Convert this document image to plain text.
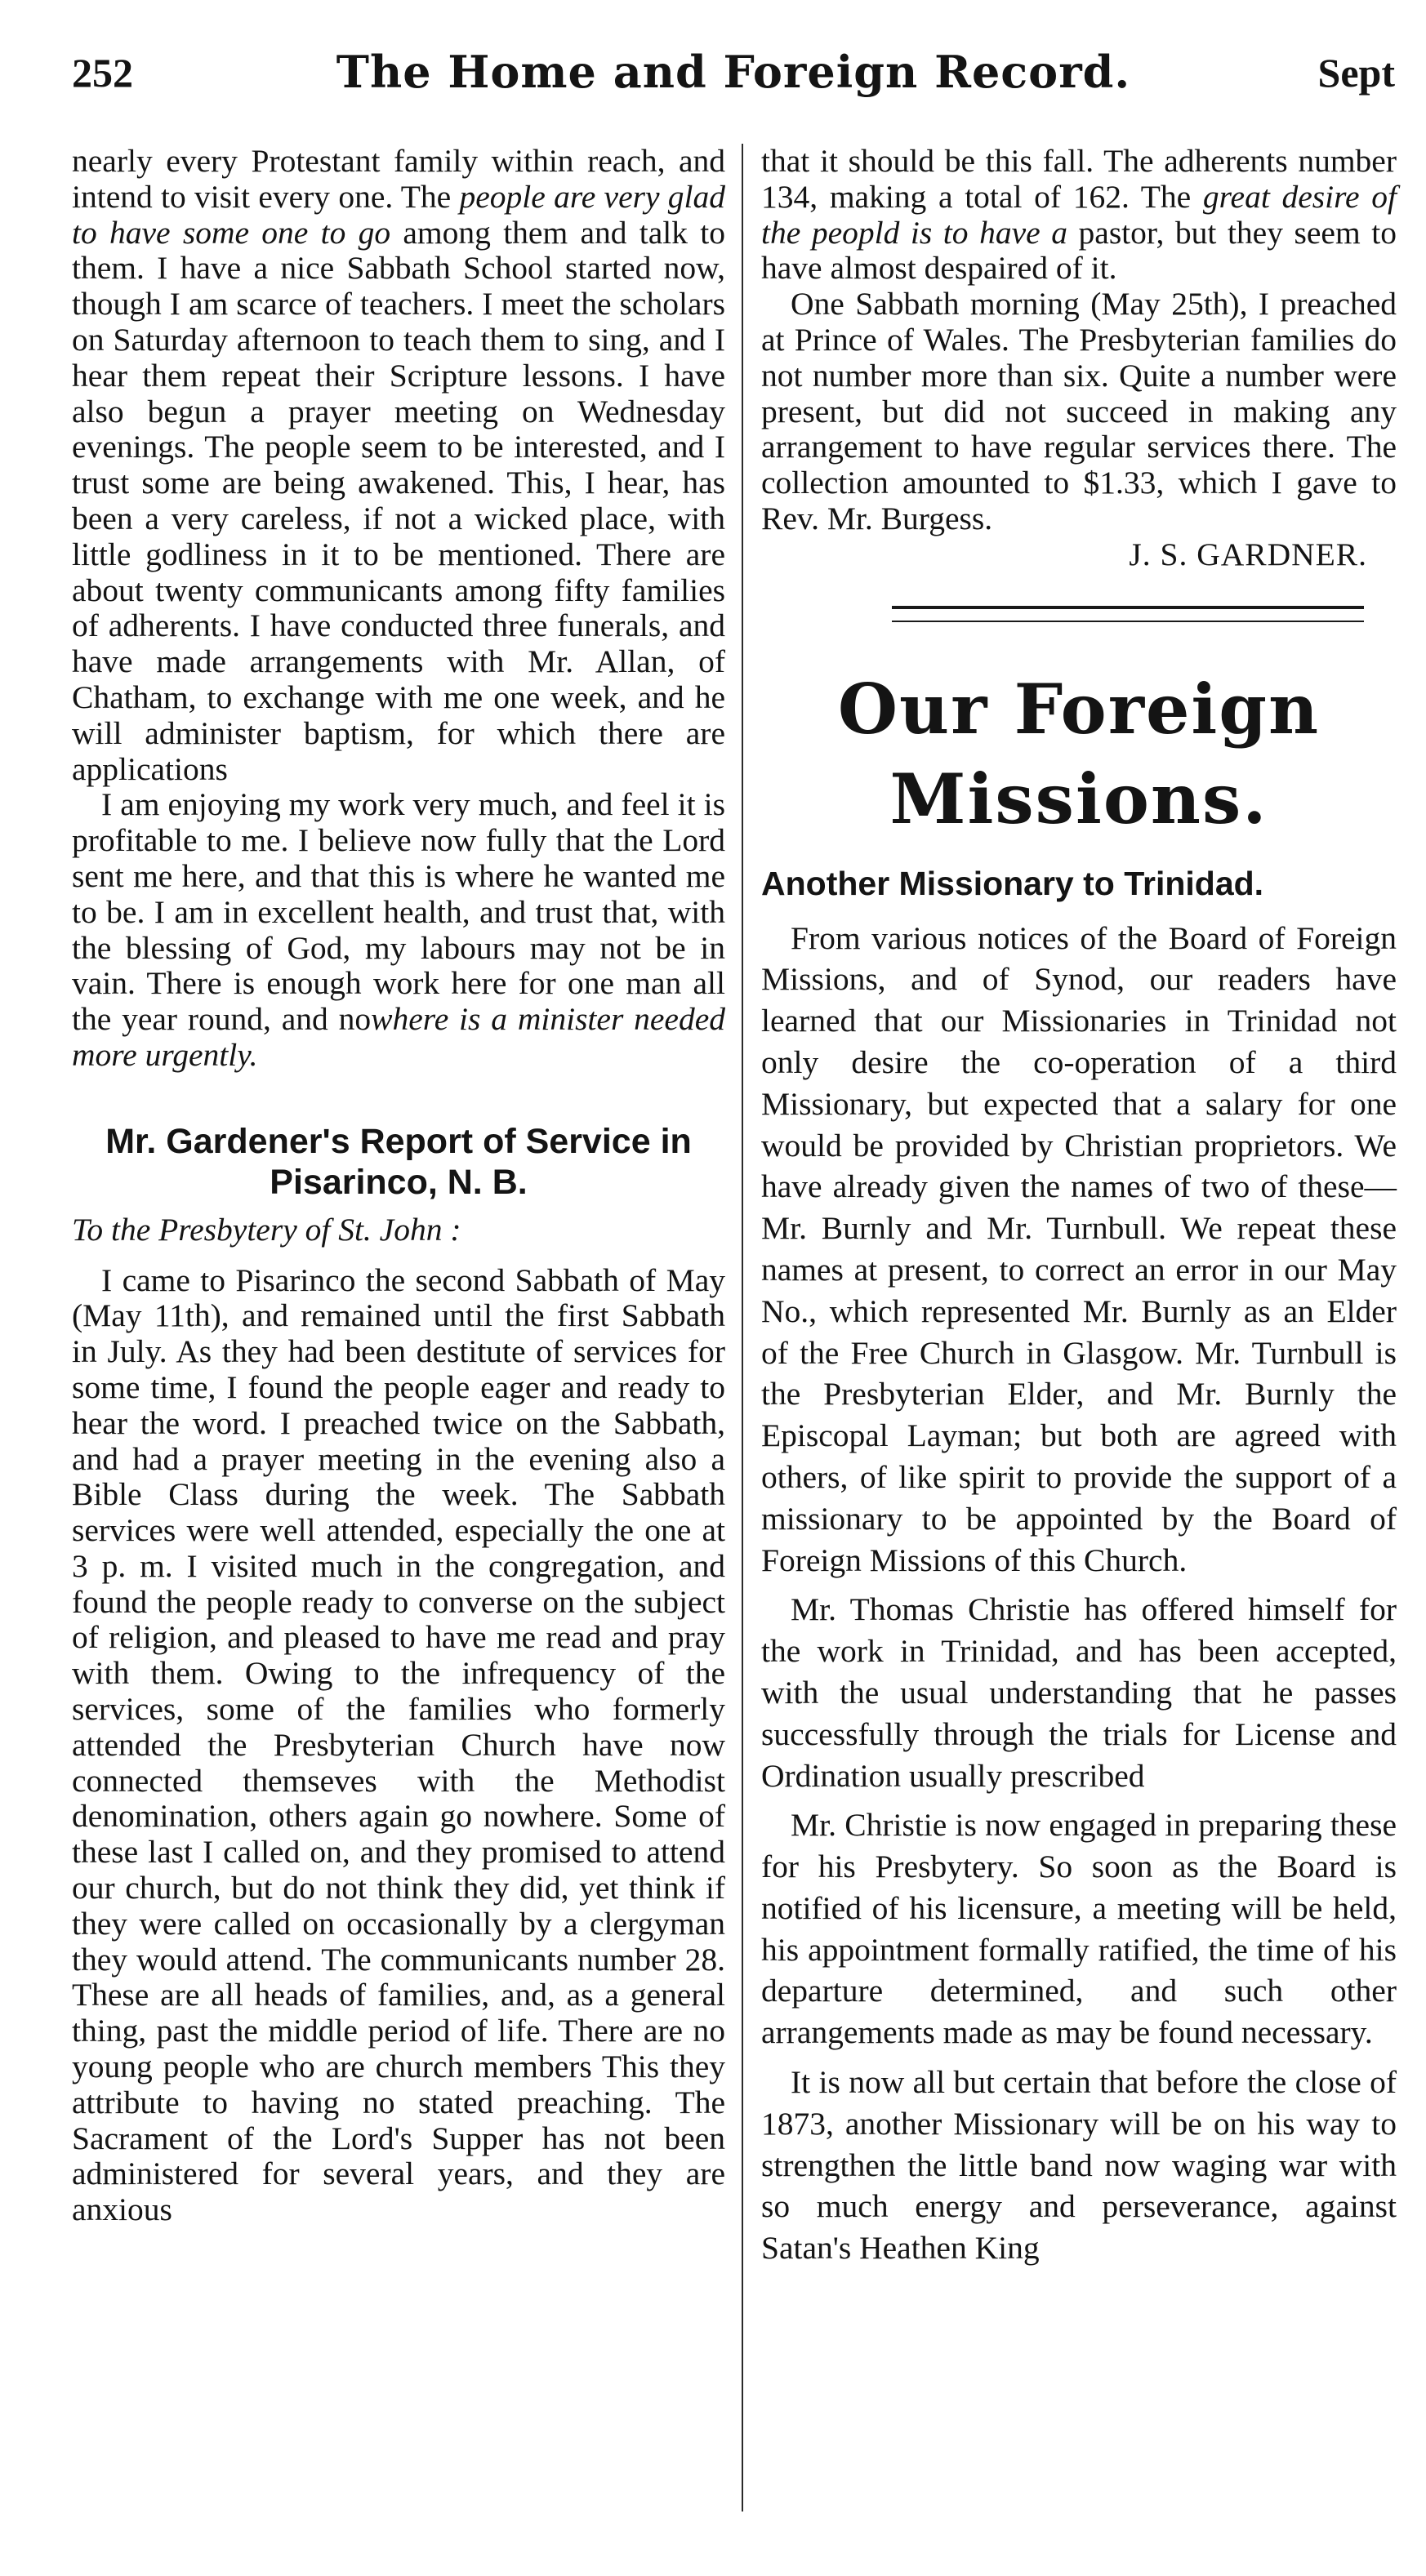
252	The Home and Foreign Record.	Sept

nearly every Protestant family within reach, and intend to visit every one. The people are very glad to have some one to go among them and talk to them. I have a nice Sabbath School started now, though I am scarce of teachers. I meet the scholars on Saturday afternoon to teach them to sing, and I hear them repeat their Scripture lessons. I have also begun a prayer meeting on Wednesday evenings. The people seem to be interested, and I trust some are being awakened. This, I hear, has been a very careless, if not a wicked place, with little godliness in it to be mentioned. There are about twenty communicants among fifty families of adherents. I have conducted three funerals, and have made arrangements with Mr. Allan, of Chatham, to exchange with me one week, and he will administer baptism, for which there are applications

I am enjoying my work very much, and feel it is profitable to me. I believe now fully that the Lord sent me here, and that this is where he wanted me to be. I am in excellent health, and trust that, with the blessing of God, my labours may not be in vain. There is enough work here for one man all the year round, and nowhere is a minister needed more urgently.

Mr. Gardener's Report of Service in Pisarinco, N. B.
To the Presbytery of St. John :

I came to Pisarinco the second Sabbath of May (May 11th), and remained until the first Sabbath in July. As they had been destitute of services for some time, I found the people eager and ready to hear the word. I preached twice on the Sabbath, and had a prayer meeting in the evening also a Bible Class during the week. The Sabbath services were well attended, especially the one at 3 p. m. I visited much in the congregation, and found the people ready to converse on the subject of religion, and pleased to have me read and pray with them. Owing to the infrequency of the services, some of the families who formerly attended the Presbyterian Church have now connected themseves with the Methodist denomination, others again go nowhere. Some of these last I called on, and they promised to attend our church, but do not think they did, yet think if they were called on occasionally by a clergyman they would attend. The communicants number 28. These are all heads of families, and, as a general thing, past the middle period of life. There are no young people who are church members This they attribute to having no stated preaching. The Sacrament of the Lord's Supper has not been administered for several years, and they are anxious

that it should be this fall. The adherents number 134, making a total of 162. The great desire of the peopld is to have a pastor, but they seem to have almost despaired of it.

One Sabbath morning (May 25th), I preached at Prince of Wales. The Presbyterian families do not number more than six. Quite a number were present, but did not succeed in making any arrangement to have regular services there. The collection amounted to $1.33, which I gave to Rev. Mr. Burgess.

J. S. GARDNER.
Our Foreign Missions.
Another Missionary to Trinidad.

From various notices of the Board of Foreign Missions, and of Synod, our readers have learned that our Missionaries in Trinidad not only desire the co-operation of a third Missionary, but expected that a salary for one would be provided by Christian proprietors. We have already given the names of two of these—Mr. Burnly and Mr. Turnbull. We repeat these names at present, to correct an error in our May No., which represented Mr. Burnly as an Elder of the Free Church in Glasgow. Mr. Turnbull is the Presbyterian Elder, and Mr. Burnly the Episcopal Layman; but both are agreed with others, of like spirit to provide the support of a missionary to be appointed by the Board of Foreign Missions of this Church.

Mr. Thomas Christie has offered himself for the work in Trinidad, and has been accepted, with the usual understanding that he passes successfully through the trials for License and Ordination usually prescribed

Mr. Christie is now engaged in preparing these for his Presbytery. So soon as the Board is notified of his licensure, a meeting will be held, his appointment formally ratified, the time of his departure determined, and such other arrangements made as may be found necessary.

It is now all but certain that before the close of 1873, another Missionary will be on his way to strengthen the little band now waging war with so much energy and perseverance, against Satan's Heathen King
